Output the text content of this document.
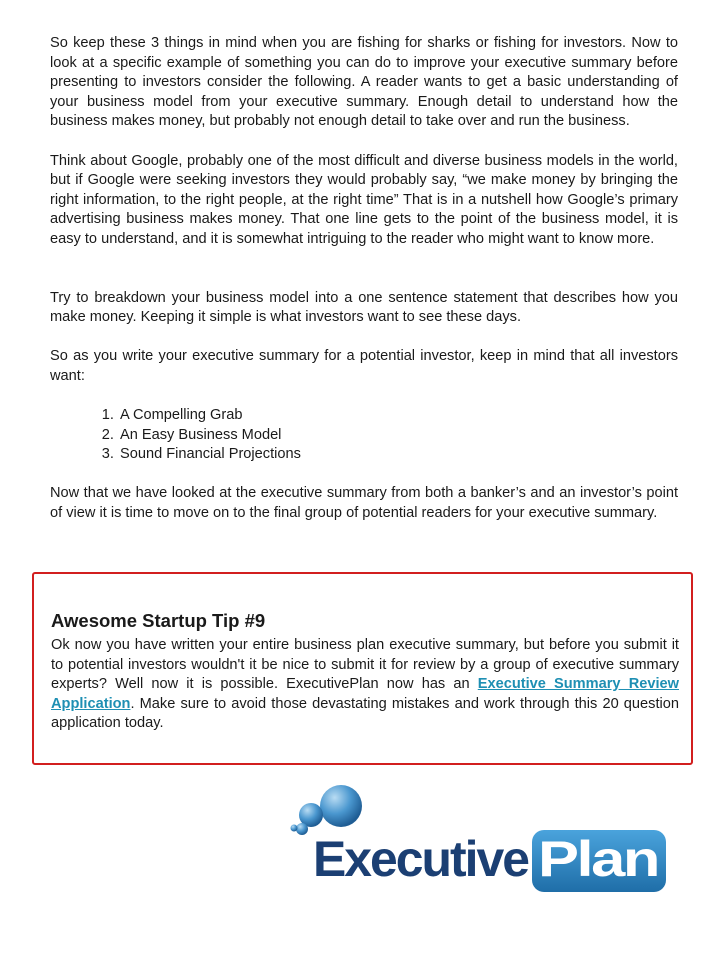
So keep these 3 things in mind when you are fishing for sharks or fishing for investors. Now to look at a specific example of something you can do to improve your executive summary before presenting to investors consider the following. A reader wants to get a basic understanding of your business model from your executive summary. Enough detail to understand how the business makes money, but probably not enough detail to take over and run the business.

Think about Google, probably one of the most difficult and diverse business models in the world, but if Google were seeking investors they would probably say, “we make money by bringing the right information, to the right people, at the right time” That is in a nutshell how Google’s primary advertising business makes money. That one line gets to the point of the business model, it is easy to understand, and it is somewhat intriguing to the reader who might want to know more.

Try to breakdown your business model into a one sentence statement that describes how you make money. Keeping it simple is what investors want to see these days.

So as you write your executive summary for a potential investor, keep in mind that all investors want:

1. A Compelling Grab
2. An Easy Business Model
3. Sound Financial Projections

Now that we have looked at the executive summary from both a banker’s and an investor’s point of view it is time to move on to the final group of potential readers for your executive summary.

Awesome Startup Tip #9
Ok now you have written your entire business plan executive summary, but before you submit it to potential investors wouldn't it be nice to submit it for review by a group of executive summary experts? Well now it is possible. ExecutivePlan now has an Executive Summary Review Application. Make sure to avoid those devastating mistakes and work through this 20 question application today.
Executive Plan
